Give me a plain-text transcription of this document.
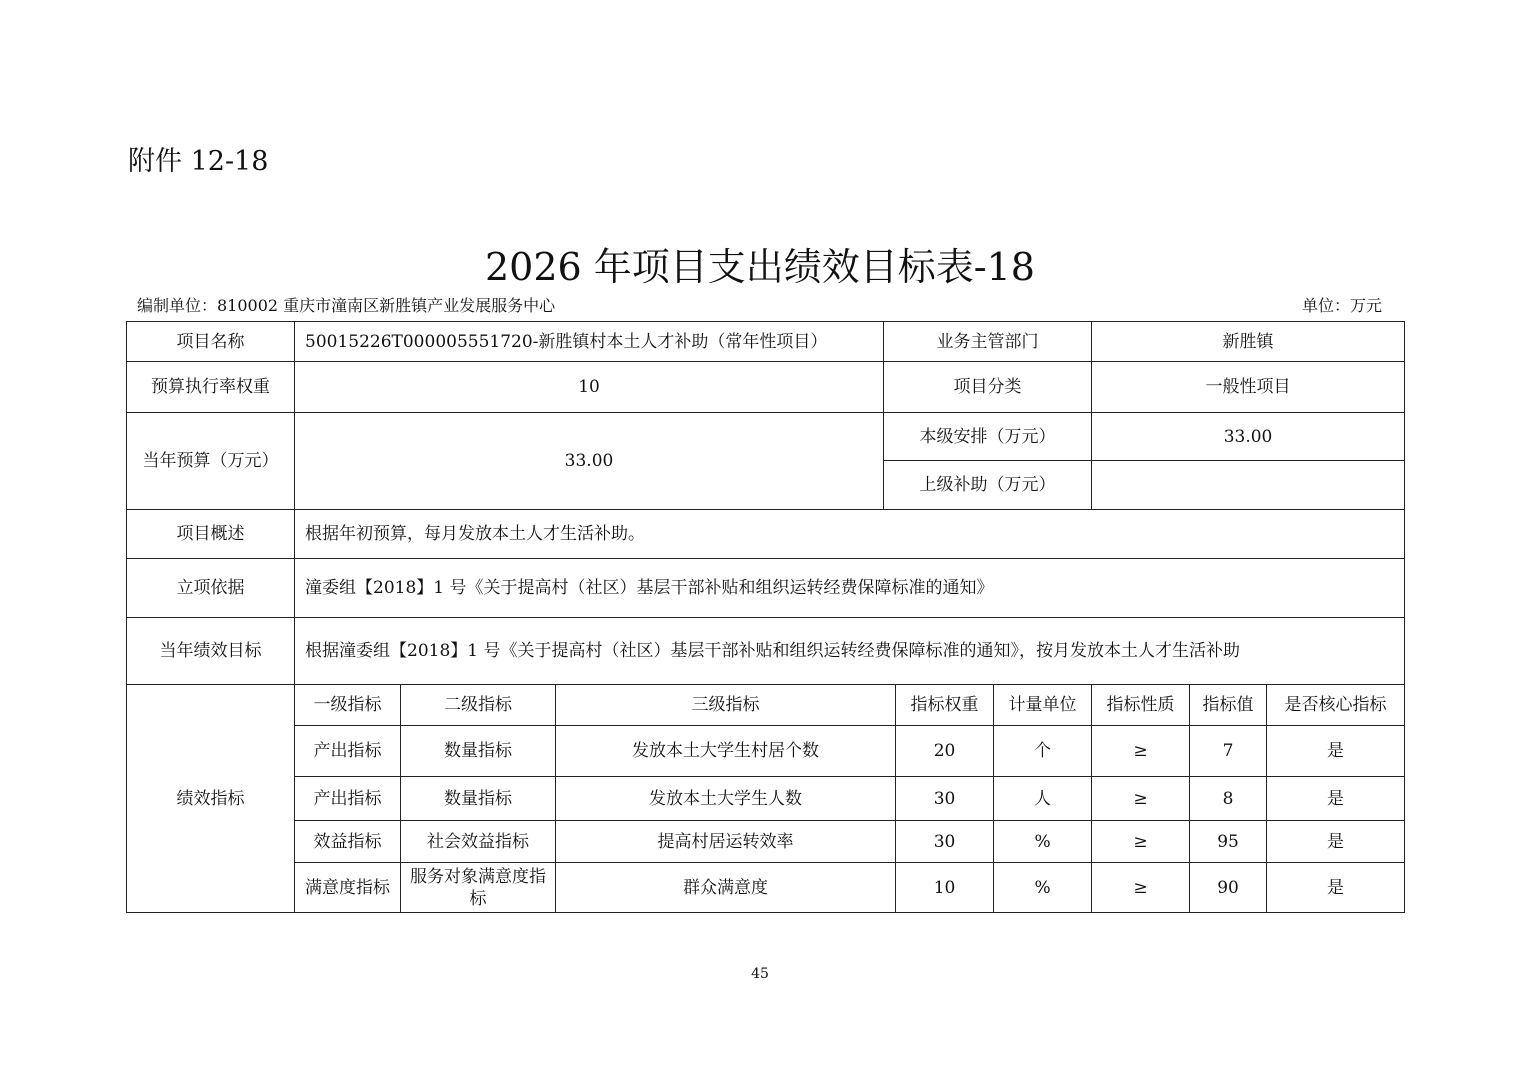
附件 12-18
2026 年项目支出绩效目标表-18
编制单位：810002 重庆市潼南区新胜镇产业发展服务中心	单位：万元
项目名称	50015226T000005551720-新胜镇村本土人才补助（常年性项目）			业务主管部门			新胜镇		
预算执行率权重	10			项目分类			一般性项目		
当年预算（万元）	33.00			本级安排（万元）			33.00		
				上级补助（万元）					
项目概述	根据年初预算，每月发放本土人才生活补助。								
立项依据	潼委组【2018】1 号《关于提高村（社区）基层干部补贴和组织运转经费保障标准的通知》								
当年绩效目标	根据潼委组【2018】1 号《关于提高村（社区）基层干部补贴和组织运转经费保障标准的通知》，按月发放本土人才生活补助								
绩效指标	一级指标	二级指标	三级指标		指标权重	计量单位	指标性质	指标值	是否核心指标
	产出指标	数量指标	发放本土大学生村居个数		20	个	≥	7	是
	产出指标	数量指标	发放本土大学生人数		30	人	≥	8	是
	效益指标	社会效益指标	提高村居运转效率		30	%	≥	95	是
	满意度指标	服务对象满意度指标	群众满意度		10	%	≥	90	是
45
